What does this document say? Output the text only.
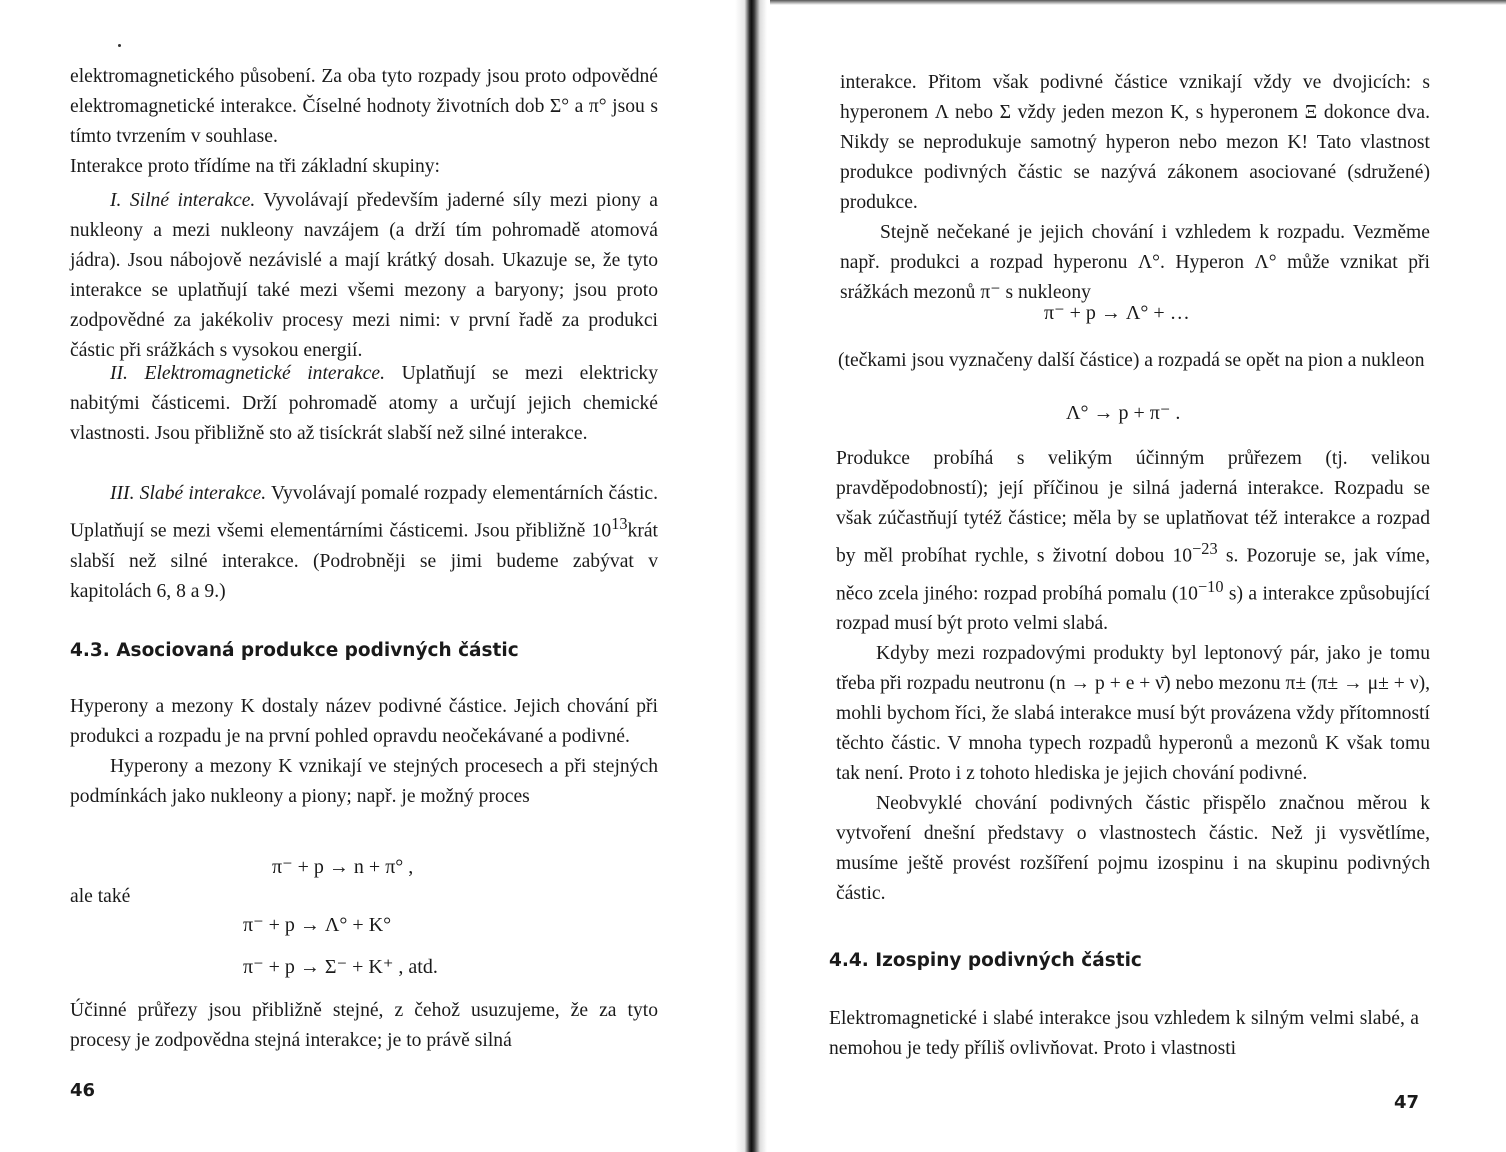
elektromagnetického působení. Za oba tyto rozpady jsou proto odpovědné elektromagnetické interakce. Číselné hodnoty životních dob Σ° a π° jsou s tímto tvrzením v souhlase.

Interakce proto třídíme na tři základní skupiny:

I. Silné interakce. Vyvolávají především jaderné síly mezi piony a nukleony a mezi nukleony navzájem (a drží tím pohromadě atomová jádra). Jsou nábojově nezávislé a mají krátký dosah. Ukazuje se, že tyto interakce se uplatňují také mezi všemi mezony a baryony; jsou proto zodpovědné za jakékoliv procesy mezi nimi: v první řadě za produkci částic při srážkách s vysokou energií.

II. Elektromagnetické interakce. Uplatňují se mezi elektricky nabitými částicemi. Drží pohromadě atomy a určují jejich chemické vlastnosti. Jsou přibližně sto až tisíckrát slabší než silné interakce.

III. Slabé interakce. Vyvolávají pomalé rozpady elementárních částic. Uplatňují se mezi všemi elementárními částicemi. Jsou přibližně $10^{13}krát$ slabší než silné interakce. (Podrobněji se jimi budeme zabývat v kapitolách 6, 8 a 9.)

4.3. Asociovaná produkce podivných částic

Hyperony a mezony K dostaly název podivné částice. Jejich chování při produkci a rozpadu je na první pohled opravdu neočekávané a podivné.

Hyperony a mezony K vznikají ve stejných procesech a při stejných podmínkách jako nukleony a piony; např. je možný proces

π⁻ + p → n + π° ,
ale také
π⁻ + p → Λ° + K°
π⁻ + p → Σ⁻ + K⁺ , atd.

Účinné průřezy jsou přibližně stejné, z čehož usuzujeme, že za tyto procesy je zodpovědna stejná interakce; je to právě silná

46

interakce. Přitom však podivné částice vznikají vždy ve dvojicích: s hyperonem Λ nebo Σ vždy jeden mezon K, s hyperonem Ξ dokonce dva. Nikdy se neprodukuje samotný hyperon nebo mezon K! Tato vlastnost produkce podivných částic se nazývá zákonem asociované (sdružené) produkce.

Stejně nečekané je jejich chování i vzhledem k rozpadu. Vezměme např. produkci a rozpad hyperonu Λ°. Hyperon Λ° může vznikat při srážkách mezonů π⁻ s nukleony

π⁻ + p → Λ° + …

(tečkami jsou vyznačeny další částice) a rozpadá se opět na pion a nukleon

Λ° → p + π⁻ .

Produkce probíhá s velikým účinným průřezem (tj. velikou pravděpodobností); její příčinou je silná jaderná interakce. Rozpadu se však zúčastňují tytéž částice; měla by se uplatňovat též interakce a rozpad by měl probíhat rychle, s životní dobou $10^{-23}$ s. Pozoruje se, jak víme, něco zcela jiného: rozpad probíhá pomalu ($10^{-10}$ s) a interakce způsobující rozpad musí být proto velmi slabá.

Kdyby mezi rozpadovými produkty byl leptonový pár, jako je tomu třeba při rozpadu neutronu (n → p + e + ν̄) nebo mezonu π± (π± → μ± + ν), mohli bychom říci, že slabá interakce musí být provázena vždy přítomností těchto částic. V mnoha typech rozpadů hyperonů a mezonů K však tomu tak není. Proto i z tohoto hlediska je jejich chování podivné.

Neobvyklé chování podivných částic přispělo značnou měrou k vytvoření dnešní představy o vlastnostech částic. Než ji vysvětlíme, musíme ještě provést rozšíření pojmu izospinu i na skupinu podivných částic.

4.4. Izospiny podivných částic

Elektromagnetické i slabé interakce jsou vzhledem k silným velmi slabé, a nemohou je tedy příliš ovlivňovat. Proto i vlastnosti

47
